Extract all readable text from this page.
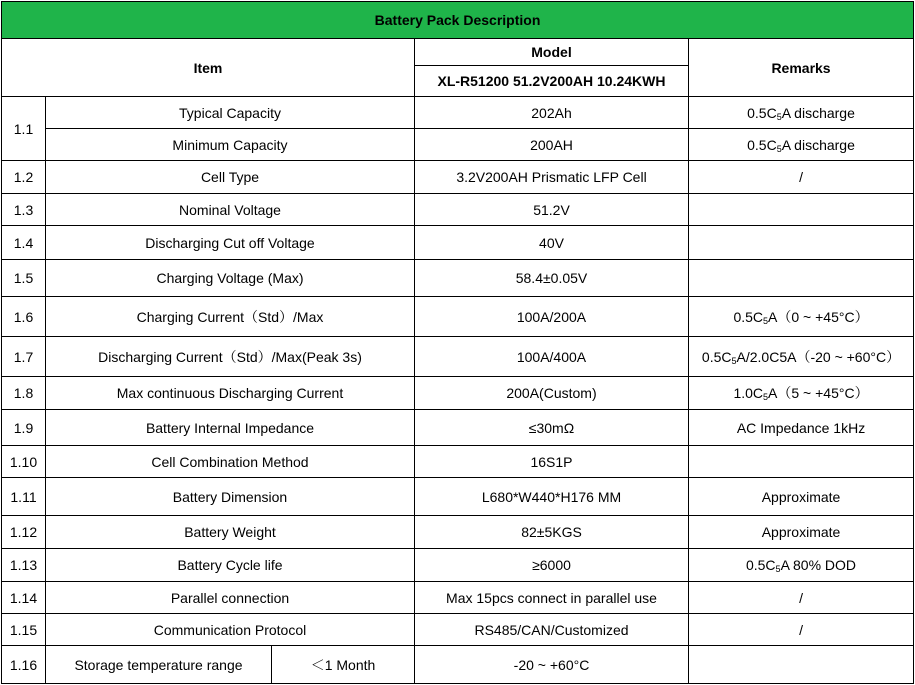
Battery Pack Description				
Item			Model	Remarks
			XL-R51200 51.2V200AH 10.24KWH	
1.1	Typical Capacity		202Ah	$0.5C_5A$ discharge
	Minimum Capacity		200AH	$0.5C_5A$ discharge
1.2	Cell Type		3.2V200AH Prismatic LFP Cell	/
1.3	Nominal Voltage		51.2V	
1.4	Discharging Cut off Voltage		40V	
1.5	Charging Voltage (Max)		58.4±0.05V	
1.6	Charging Current（Std）/Max		100A/200A	$0.5C_5A(0$ ~ +45°C）
1.7	Discharging Current（Std）/Max(Peak 3s)		100A/400A	$0.5C_5A/2.0C5A(-20$ ~ +60°C）
1.8	Max continuous Discharging Current		200A(Custom)	$1.0C_5A(5$ ~ +45°C）
1.9	Battery Internal Impedance		≤30mΩ	AC Impedance 1kHz
1.10	Cell Combination Method		16S1P	
1.11	Battery Dimension		L680*W440*H176 MM	Approximate
1.12	Battery Weight		82±5KGS	Approximate
1.13	Battery Cycle life		≥6000	$0.5C_5A$ 80% DOD
1.14	Parallel connection		Max 15pcs connect in parallel use	/
1.15	Communication Protocol		RS485/CAN/Customized	/
1.16	Storage temperature range	＜1 Month	-20 ~ +60°C	
